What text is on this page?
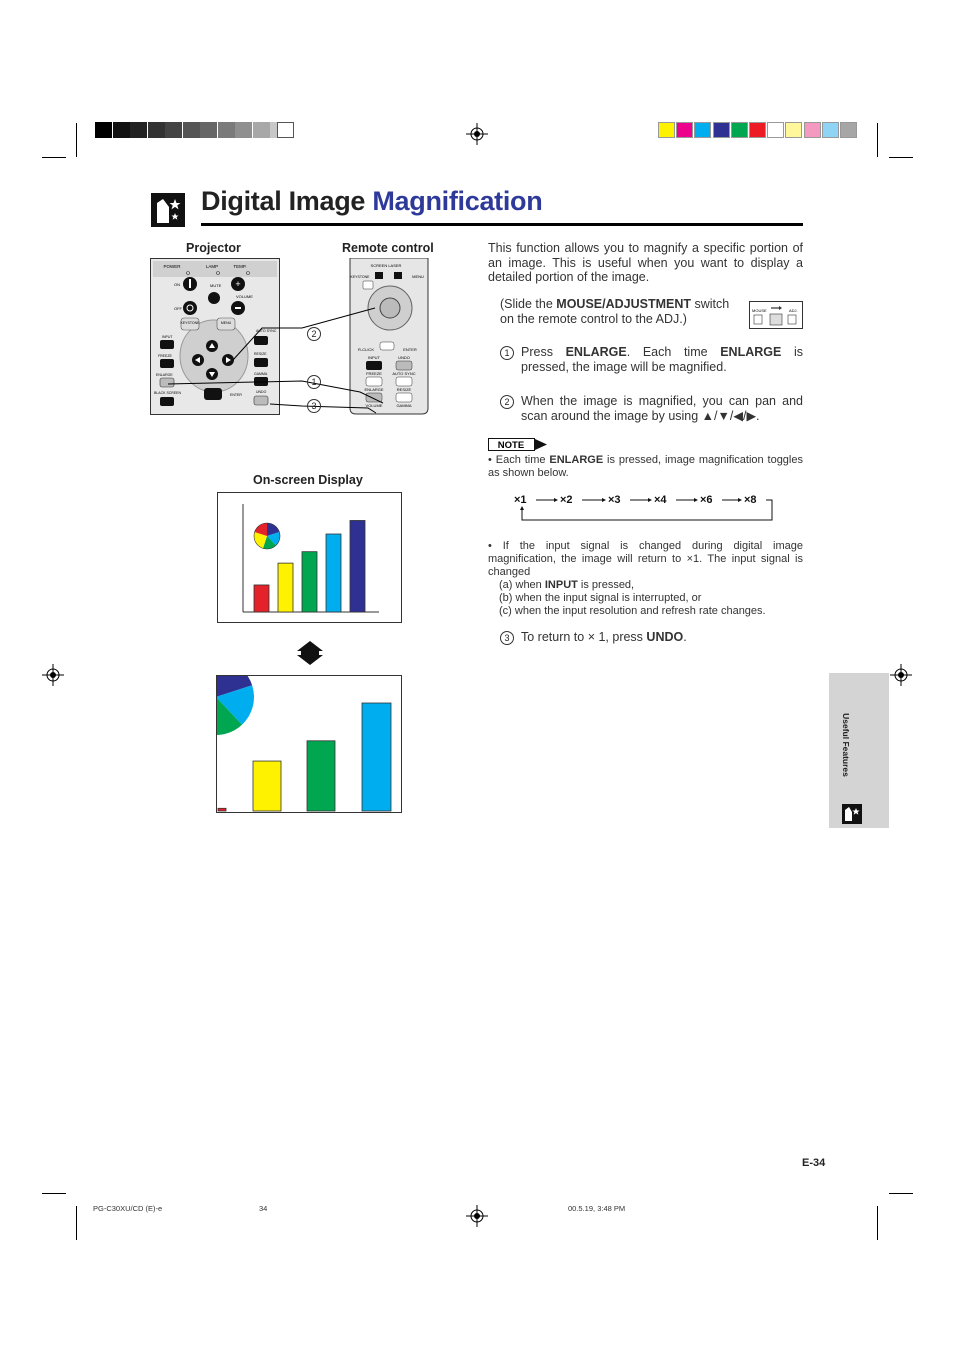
Digital Image Magnification
Projector	Remote control
POWER	LAMP	TEMP.
ON	MUTE +
OFF
VOLUME
KEYSTONE	MENU
INPUT
AUTO SYNC
FREEZE	RESIZE
ENLARGE	GAMMA
BLACK SCREEN	UNDO
ENTER
SCREEN LASER
KEYSTONE	MENU
R-CLICK	ENTER
INPUT	UNDO
FREEZE	AUTO SYNC
ENLARGE	RESIZE
VOLUME	GAMMA
2
1
3
On-screen Display
This function allows you to magnify a specific portion of an image. This is useful when you want to display a detailed portion of the image.
(Slide the MOUSE/ADJUSTMENT switch on the remote control to the ADJ.)
MOUSE	ADJ.
1 Press ENLARGE. Each time ENLARGE is pressed, the image will be magnified.
2 When the image is magnified, you can pan and scan around the image by using ▲/▼/◀/▶.
NOTE
• Each time ENLARGE is pressed, image magnification toggles as shown below.
×1	×2	×3	×4	×6	×8
• If the input signal is changed during digital image magnification, the image will return to ×1. The input signal is changed
(a) when INPUT is pressed,
(b) when the input signal is interrupted, or
(c) when the input resolution and refresh rate changes.
3 To return to × 1, press UNDO.
Useful Features
E-34
PG-C30XU/CD (E)-e	34	00.5.19, 3:48 PM
